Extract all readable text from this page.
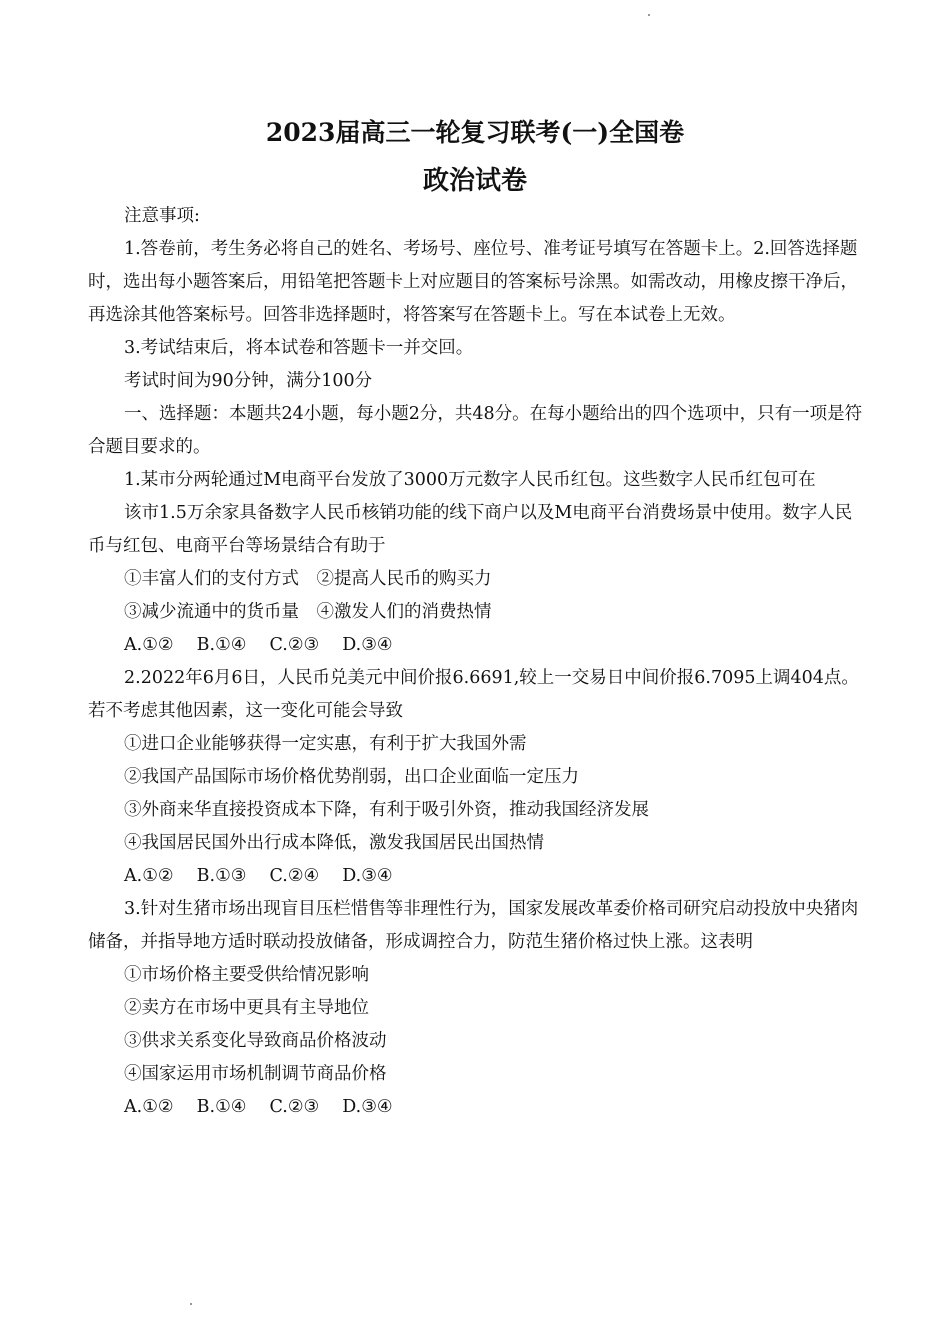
2023届高三一轮复习联考(一)全国卷
政治试卷

注意事项:

1.答卷前，考生务必将自己的姓名、考场号、座位号、准考证号填写在答题卡上。2.回答选择题时，选出每小题答案后，用铅笔把答题卡上对应题目的答案标号涂黑。如需改动，用橡皮擦干净后，再选涂其他答案标号。回答非选择题时，将答案写在答题卡上。写在本试卷上无效。

3.考试结束后，将本试卷和答题卡一并交回。

考试时间为90分钟，满分100分

一、选择题：本题共24小题，每小题2分，共48分。在每小题给出的四个选项中，只有一项是符合题目要求的。

1.某市分两轮通过M电商平台发放了3000万元数字人民币红包。这些数字人民币红包可在

该市1.5万余家具备数字人民币核销功能的线下商户以及M电商平台消费场景中使用。数字人民币与红包、电商平台等场景结合有助于

①丰富人们的支付方式　②提高人民币的购买力

③减少流通中的货币量　④激发人们的消费热情

A.①②　 B.①④　 C.②③　 D.③④

2.2022年6月6日，人民币兑美元中间价报6.6691,较上一交易日中间价报6.7095上调404点。若不考虑其他因素，这一变化可能会导致

①进口企业能够获得一定实惠，有利于扩大我国外需

②我国产品国际市场价格优势削弱，出口企业面临一定压力

③外商来华直接投资成本下降，有利于吸引外资，推动我国经济发展

④我国居民国外出行成本降低，激发我国居民出国热情

A.①②　 B.①③　 C.②④　 D.③④

3.针对生猪市场出现盲目压栏惜售等非理性行为，国家发展改革委价格司研究启动投放中央猪肉储备，并指导地方适时联动投放储备，形成调控合力，防范生猪价格过快上涨。这表明

①市场价格主要受供给情况影响

②卖方在市场中更具有主导地位

③供求关系变化导致商品价格波动

④国家运用市场机制调节商品价格

A.①②　 B.①④　 C.②③　 D.③④
